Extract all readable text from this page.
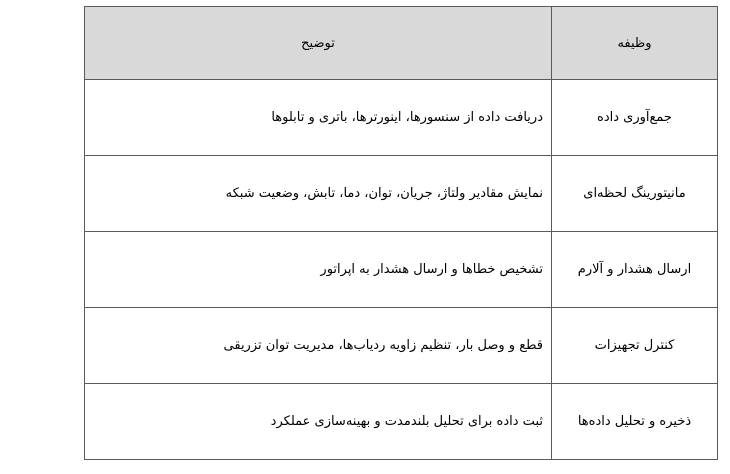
وظیفه	توضیح
جمع‌آوری داده	دریافت داده از سنسورها، اینورترها، باتری و تابلوها
مانیتورینگ لحظه‌ای	نمایش مقادیر ولتاژ، جریان، توان، دما، تابش، وضعیت شبکه
ارسال هشدار و آلارم	تشخیص خطاها و ارسال هشدار به اپراتور
کنترل تجهیزات	قطع و وصل بار، تنظیم زاویه ردیاب‌ها، مدیریت توان تزریقی
ذخیره و تحلیل داده‌ها	ثبت داده برای تحلیل بلندمدت و بهینه‌سازی عملکرد
